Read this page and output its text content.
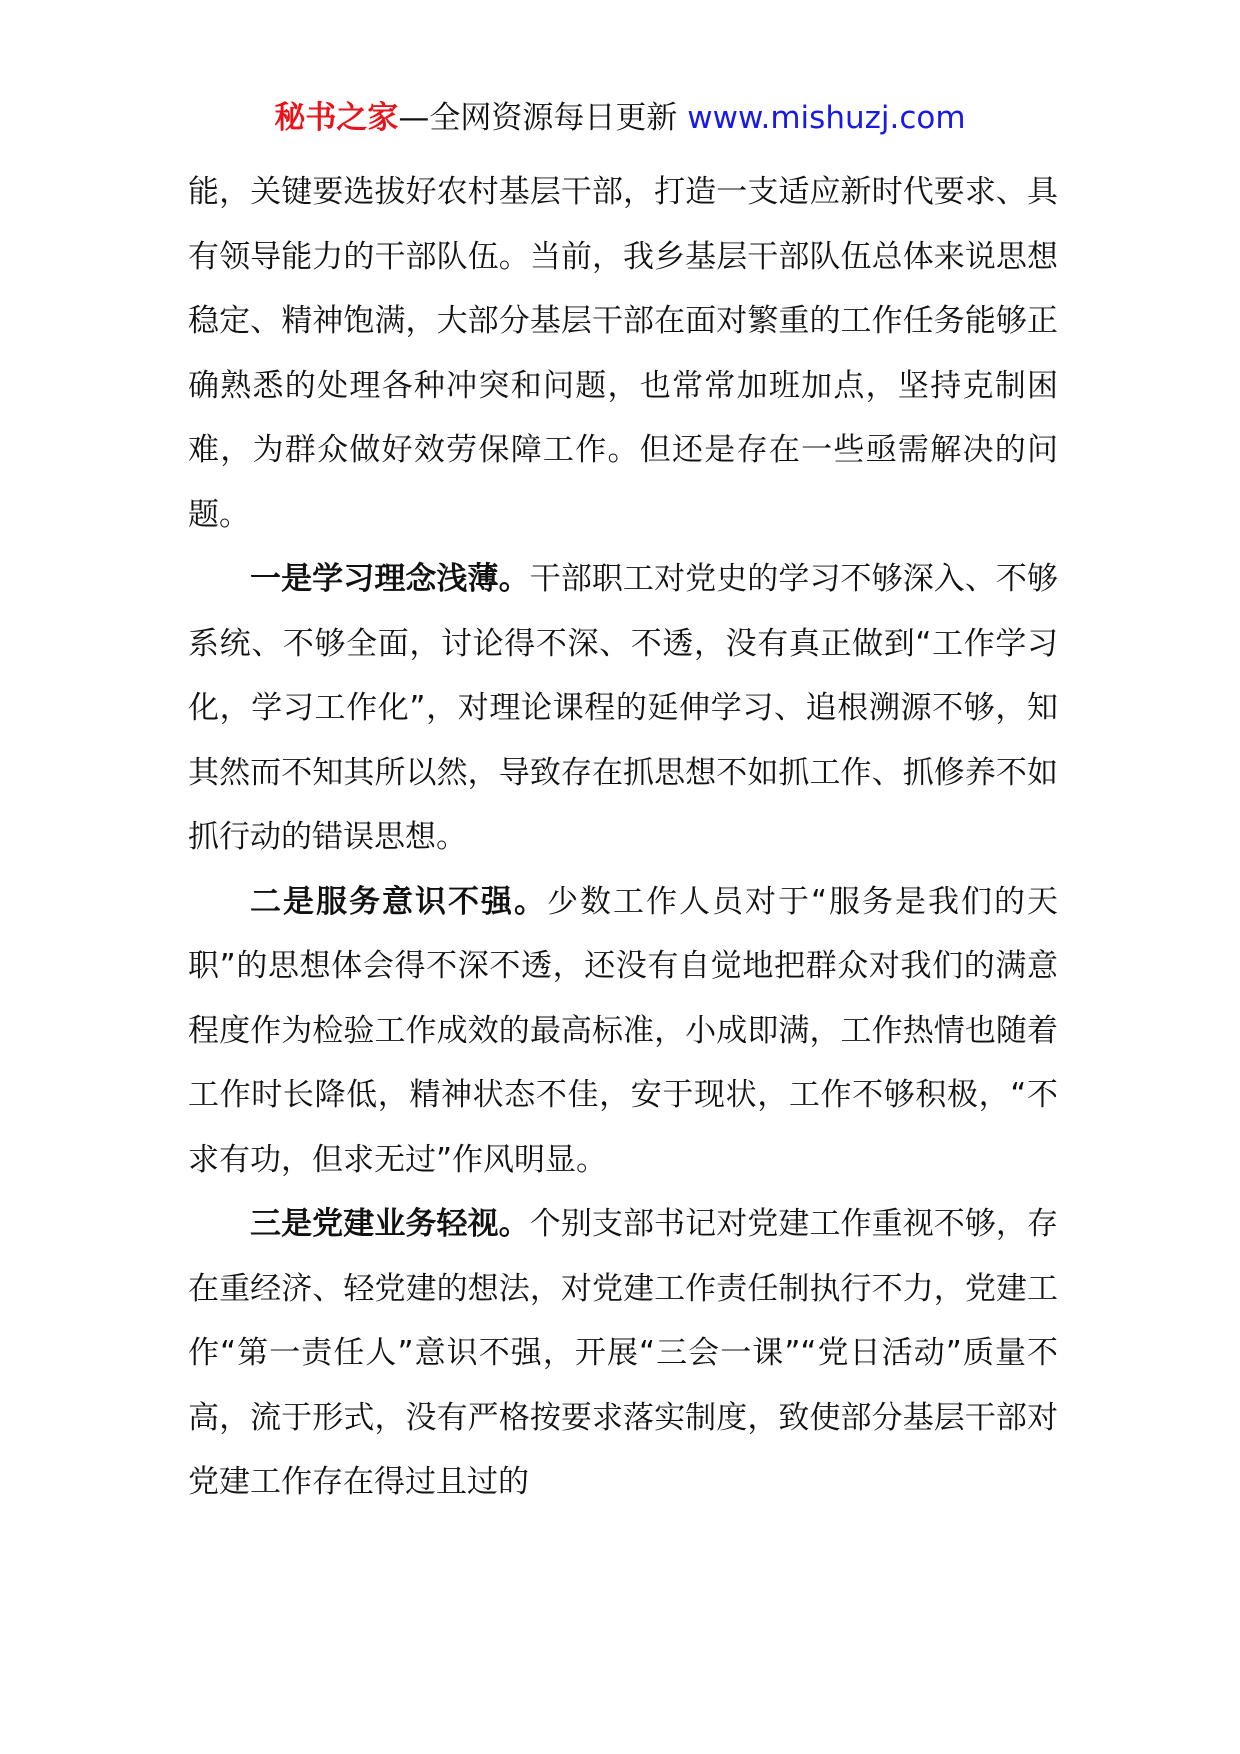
秘书之家—全网资源每日更新 www.mishuzj.com

能，关键要选拔好农村基层干部，打造一支适应新时代要求、具有领导能力的干部队伍。当前，我乡基层干部队伍总体来说思想稳定、精神饱满，大部分基层干部在面对繁重的工作任务能够正确熟悉的处理各种冲突和问题，也常常加班加点，坚持克制困难，为群众做好效劳保障工作。但还是存在一些亟需解决的问题。

一是学习理念浅薄。干部职工对党史的学习不够深入、不够系统、不够全面，讨论得不深、不透，没有真正做到“工作学习化，学习工作化”，对理论课程的延伸学习、追根溯源不够，知其然而不知其所以然，导致存在抓思想不如抓工作、抓修养不如抓行动的错误思想。

二是服务意识不强。少数工作人员对于“服务是我们的天职”的思想体会得不深不透，还没有自觉地把群众对我们的满意程度作为检验工作成效的最高标准，小成即满，工作热情也随着工作时长降低，精神状态不佳，安于现状，工作不够积极，“不求有功，但求无过”作风明显。

三是党建业务轻视。个别支部书记对党建工作重视不够，存在重经济、轻党建的想法，对党建工作责任制执行不力，党建工作“第一责任人”意识不强，开展“三会一课”“党日活动”质量不高，流于形式，没有严格按要求落实制度，致使部分基层干部对党建工作存在得过且过的
